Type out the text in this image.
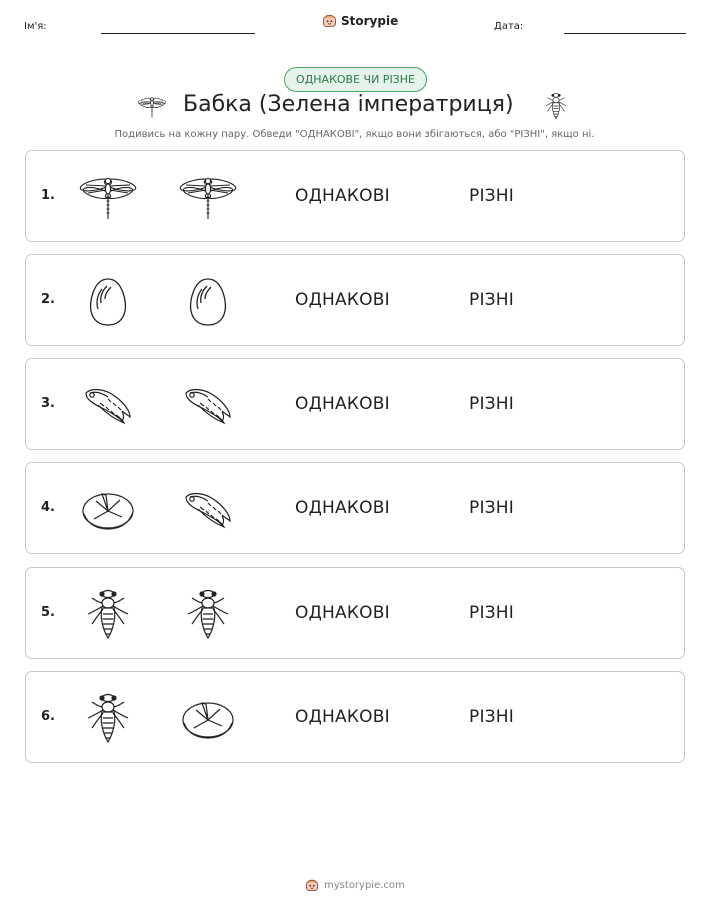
Ім'я:	Storypie	Дата:
ОДНАКОВЕ ЧИ РІЗНЕ
Бабка (Зелена імператриця)
Подивись на кожну пару. Обведи "ОДНАКОВІ", якщо вони збігаються, або "РІЗНІ", якщо ні.
1.	ОДНАКОВІ	РІЗНІ
2.	ОДНАКОВІ	РІЗНІ
3.	ОДНАКОВІ	РІЗНІ
4.	ОДНАКОВІ	РІЗНІ
5.	ОДНАКОВІ	РІЗНІ
6.	ОДНАКОВІ	РІЗНІ
mystorypie.com
